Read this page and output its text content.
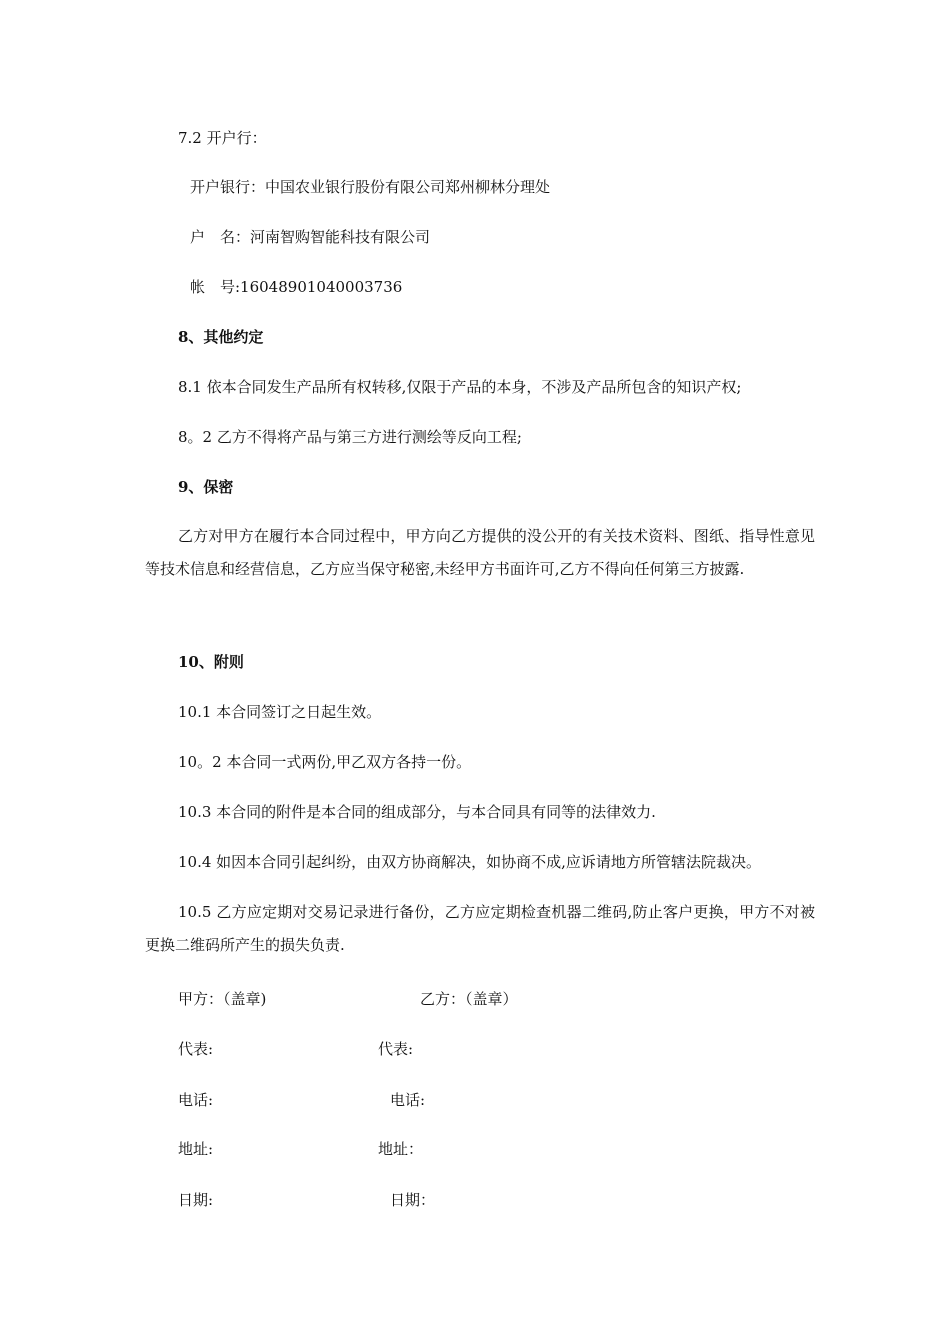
7.2 开户行：

开户银行：中国农业银行股份有限公司郑州柳林分理处

户　名：河南智购智能科技有限公司

帐　号:16048901040003736

8、其他约定

8.1 依本合同发生产品所有权转移,仅限于产品的本身，不涉及产品所包含的知识产权;

8。2 乙方不得将产品与第三方进行测绘等反向工程;

9、保密

乙方对甲方在履行本合同过程中，甲方向乙方提供的没公开的有关技术资料、图纸、指导性意见等技术信息和经营信息，乙方应当保守秘密,未经甲方书面许可,乙方不得向任何第三方披露.

10、附则

10.1 本合同签订之日起生效。

10。2 本合同一式两份,甲乙双方各持一份。

10.3 本合同的附件是本合同的组成部分，与本合同具有同等的法律效力.

10.4 如因本合同引起纠纷，由双方协商解决，如协商不成,应诉请地方所管辖法院裁决。

10.5 乙方应定期对交易记录进行备份，乙方应定期检查机器二维码,防止客户更换，甲方不对被更换二维码所产生的损失负责.

甲方：（盖章)	乙方：（盖章）

代表:	代表:

电话:	电话:

地址:	地址：

日期:	日期：
